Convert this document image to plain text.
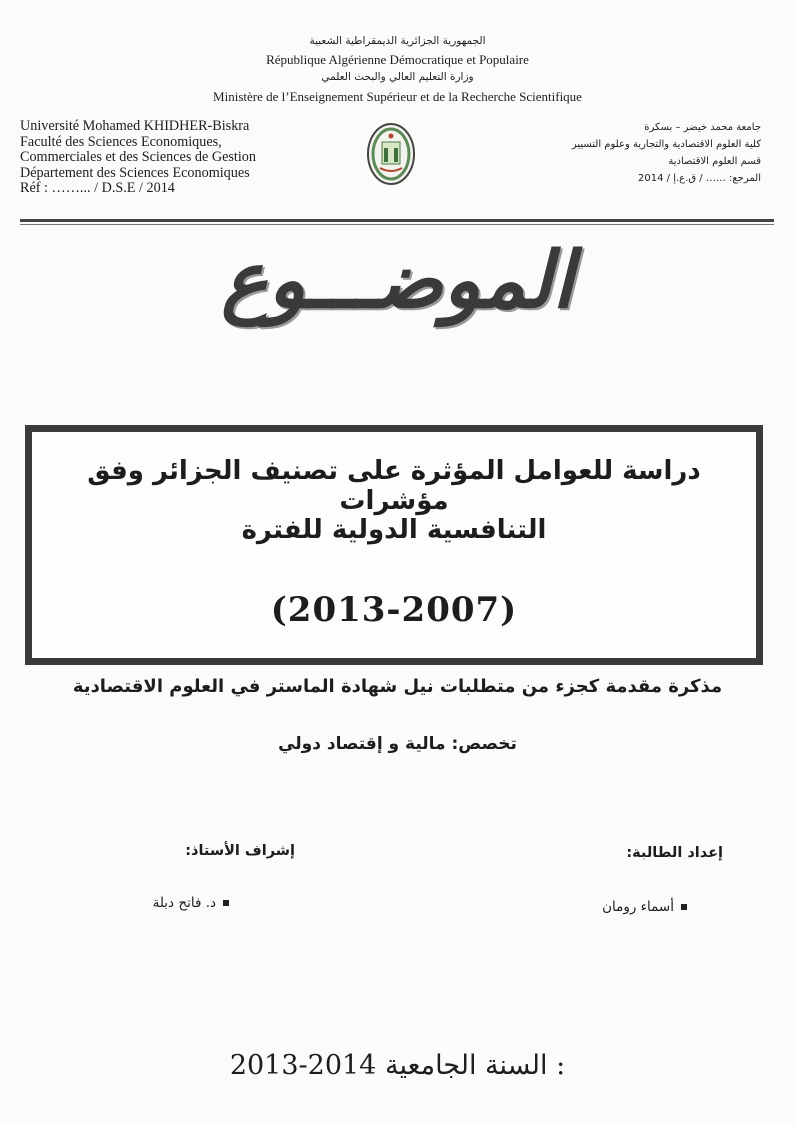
الجمهورية الجزائرية الديمقراطية الشعبية
République Algérienne Démocratique et Populaire
وزارة التعليم العالي والبحث العلمي
Ministère de l’Enseignement Supérieur et de la Recherche Scientifique
Université Mohamed KHIDHER-Biskra
Faculté des Sciences Economiques,
Commerciales et des Sciences de Gestion
Département des Sciences Economiques
Réf : ……... / D.S.E / 2014
جامعة محمد خيضر – بسكرة
كلية العلوم الاقتصادية والتجارية وعلوم التسيير
قسم العلوم الاقتصادية
المرجع: …… / ق.ع.إ / 2014
الموضـــوع
دراسة للعوامل المؤثرة على تصنيف الجزائر وفق مؤشرات
التنافسية الدولية للفترة
(2013-2007)
مذكرة مقدمة كجزء من متطلبات نيل شهادة الماستر في العلوم الاقتصادية
تخصص: مالية و إقتصاد دولي
إعداد الطالبة:
إشراف الأستاذ:
أسماء رومان
د. فاتح دبلة
2013-2014 السنة الجامعية :
